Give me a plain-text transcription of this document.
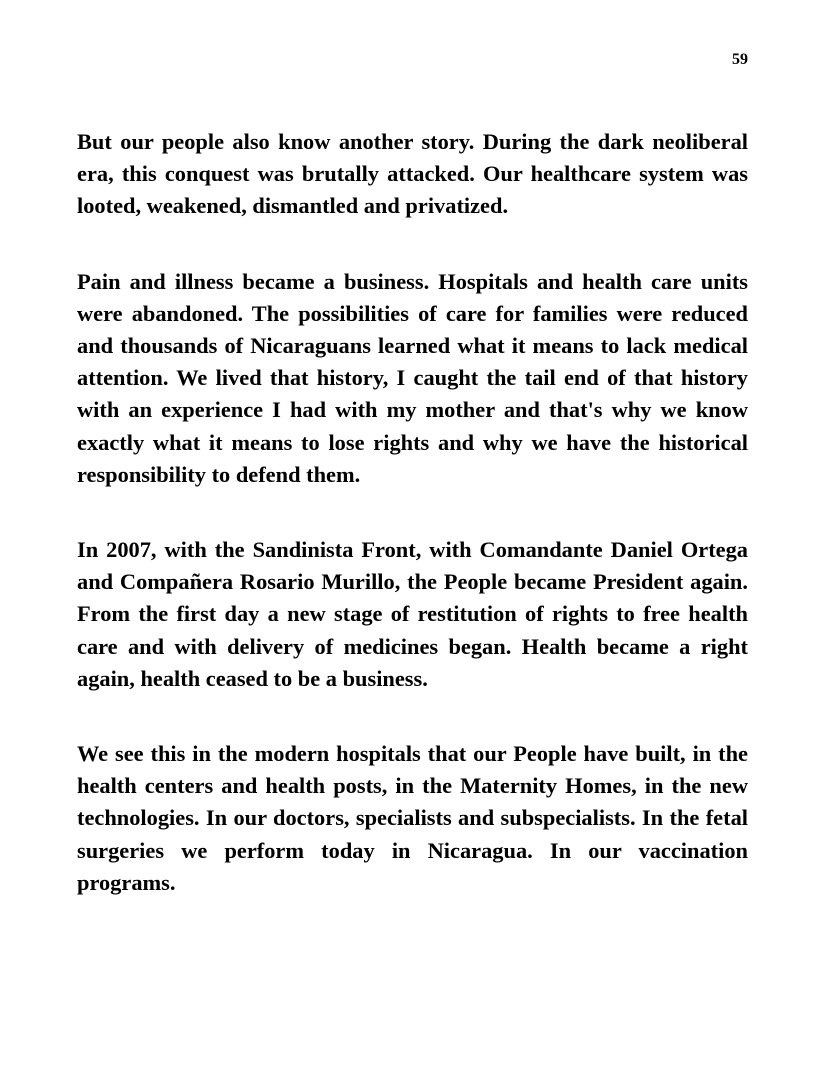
59

But our people also know another story. During the dark neoliberal era, this conquest was brutally attacked. Our healthcare system was looted, weakened, dismantled and privatized.

Pain and illness became a business. Hospitals and health care units were abandoned. The possibilities of care for families were reduced and thousands of Nicaraguans learned what it means to lack medical attention. We lived that history, I caught the tail end of that history with an experience I had with my mother and that's why we know exactly what it means to lose rights and why we have the historical responsibility to defend them.

In 2007, with the Sandinista Front, with Comandante Daniel Ortega and Compañera Rosario Murillo, the People became President again. From the first day a new stage of restitution of rights to free health care and with delivery of medicines began. Health became a right again, health ceased to be a business.

We see this in the modern hospitals that our People have built, in the health centers and health posts, in the Maternity Homes, in the new technologies. In our doctors, specialists and subspecialists. In the fetal surgeries we perform today in Nicaragua. In our vaccination programs.
